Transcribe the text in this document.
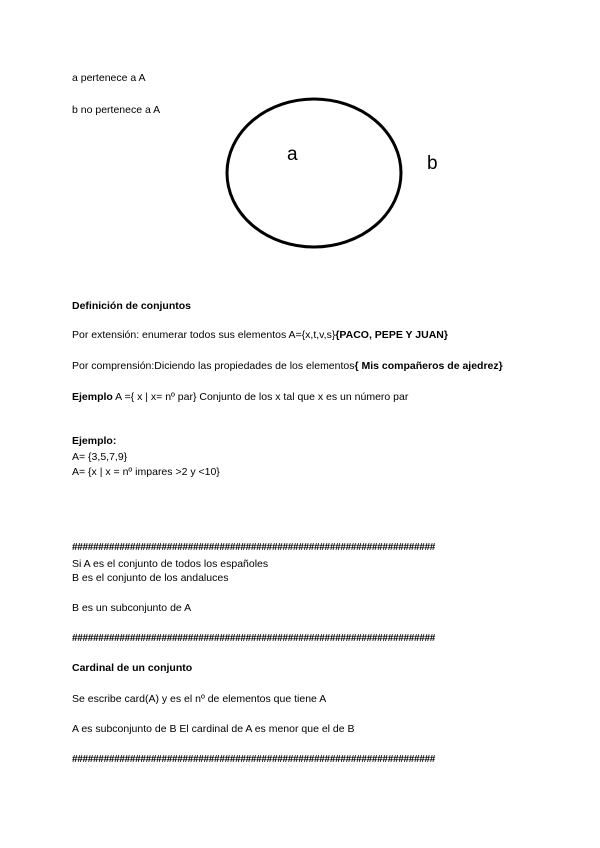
a pertenece a A
b no pertenece a A
a	b
Definición de conjuntos
Por extensión: enumerar todos sus elementos A={x,t,v,s}{PACO, PEPE Y JUAN}
Por comprensión:Diciendo las propiedades de los elementos{ Mis compañeros de ajedrez}
Ejemplo A ={ x | x= nº par} Conjunto de los x tal que x es un número par
Ejemplo:
A= {3,5,7,9}
A= {x | x = nº impares >2 y <10}
#####################################################################
Si A es el conjunto de todos los españoles
B es el conjunto de los andaluces
B es un subconjunto de A
#####################################################################
Cardinal de un conjunto
Se escribe card(A) y es el nº de elementos que tiene A
A es subconjunto de B El cardinal de A es menor que el de B
#####################################################################
